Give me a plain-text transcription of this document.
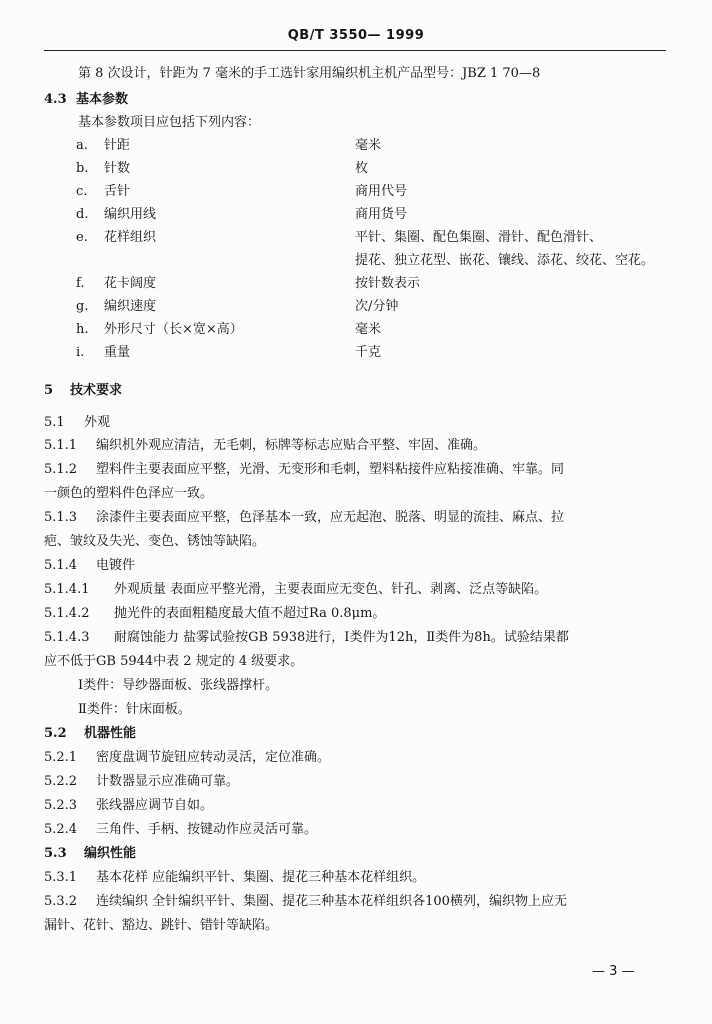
QB/T 3550— 1999
第 8 次设计，针距为 7 毫米的手工选针家用编织机主机产品型号：JBZ 1 70—8
4.3 基本参数
基本参数项目应包括下列内容：
a. 针距	毫米
b. 针数	枚
c. 舌针	商用代号
d. 编织用线	商用货号
e. 花样组织	平针、集圈、配色集圈、滑针、配色滑针、
提花、独立花型、嵌花、镶线、添花、绞花、空花。
f. 花卡阔度	按针数表示
g. 编织速度	次/分钟
h. 外形尺寸（长×宽×高）	毫米
i. 重量	千克
5 技术要求
5.1 外观
5.1.1 编织机外观应清洁，无毛刺，标牌等标志应贴合平整、牢固、准确。
5.1.2 塑料件主要表面应平整，光滑、无变形和毛刺，塑料粘接件应粘接准确、牢靠。同
一颜色的塑料件色泽应一致。
5.1.3 涂漆件主要表面应平整，色泽基本一致，应无起泡、脱落、明显的流挂、麻点、拉
疤、皱纹及失光、变色、锈蚀等缺陷。
5.1.4 电镀件
5.1.4.1 外观质量 表面应平整光滑，主要表面应无变色、针孔、剥离、泛点等缺陷。
5.1.4.2 抛光件的表面粗糙度最大值不超过Ra 0.8μm。
5.1.4.3 耐腐蚀能力 盐雾试验按GB 5938进行，Ⅰ类件为12h，Ⅱ类件为8h。试验结果都
应不低于GB 5944中表 2 规定的 4 级要求。
Ⅰ类件：导纱器面板、张线器撑杆。
Ⅱ类件：针床面板。
5.2 机器性能
5.2.1 密度盘调节旋钮应转动灵活，定位准确。
5.2.2 计数器显示应准确可靠。
5.2.3 张线器应调节自如。
5.2.4 三角件、手柄、按键动作应灵活可靠。
5.3 编织性能
5.3.1 基本花样 应能编织平针、集圈、提花三种基本花样组织。
5.3.2 连续编织 全针编织平针、集圈、提花三种基本花样组织各100横列，编织物上应无
漏针、花针、豁边、跳针、错针等缺陷。
— 3 —
